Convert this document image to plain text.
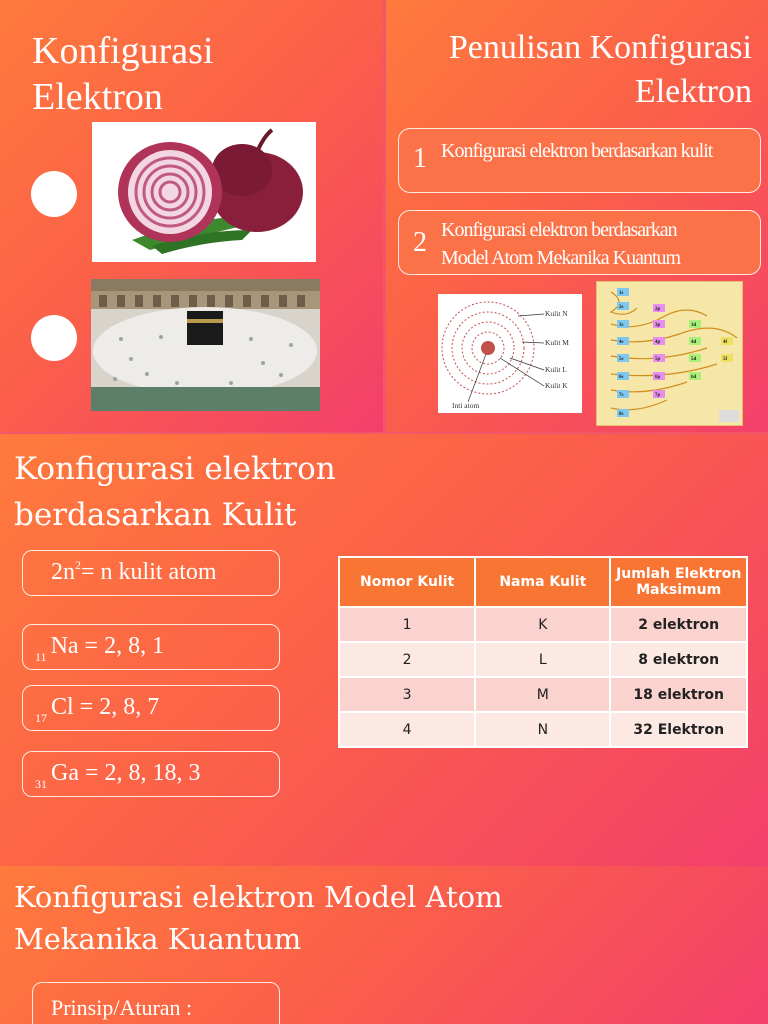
Konfigurasi
Elektron
Penulisan Konfigurasi
Elektron
1 Konfigurasi elektron berdasarkan kulit
2 Konfigurasi elektron berdasarkan
Model Atom Mekanika Kuantum
Kulit N
Kulit M
Kulit L
Kulit K
Inti atom
1s
2s	2p
3s	3p	3d
4s	4p	4d	4f
5s	5p	5d	5f
6s	6p	6d
7s	7p
8s
Konfigurasi elektron
berdasarkan Kulit
$2n^2= n$ kulit atom
$_{11}$ Na = 2, 8, 1
$_{17}$ Cl = 2, 8, 7
$_{31}$ Ga = 2, 8, 18, 3
Nomor Kulit	Nama Kulit	Jumlah Elektron Maksimum
1	K	2 elektron
2	L	8 elektron
3	M	18 elektron
4	N	32 Elektron
Konfigurasi elektron Model Atom
Mekanika Kuantum
Prinsip/Aturan :
